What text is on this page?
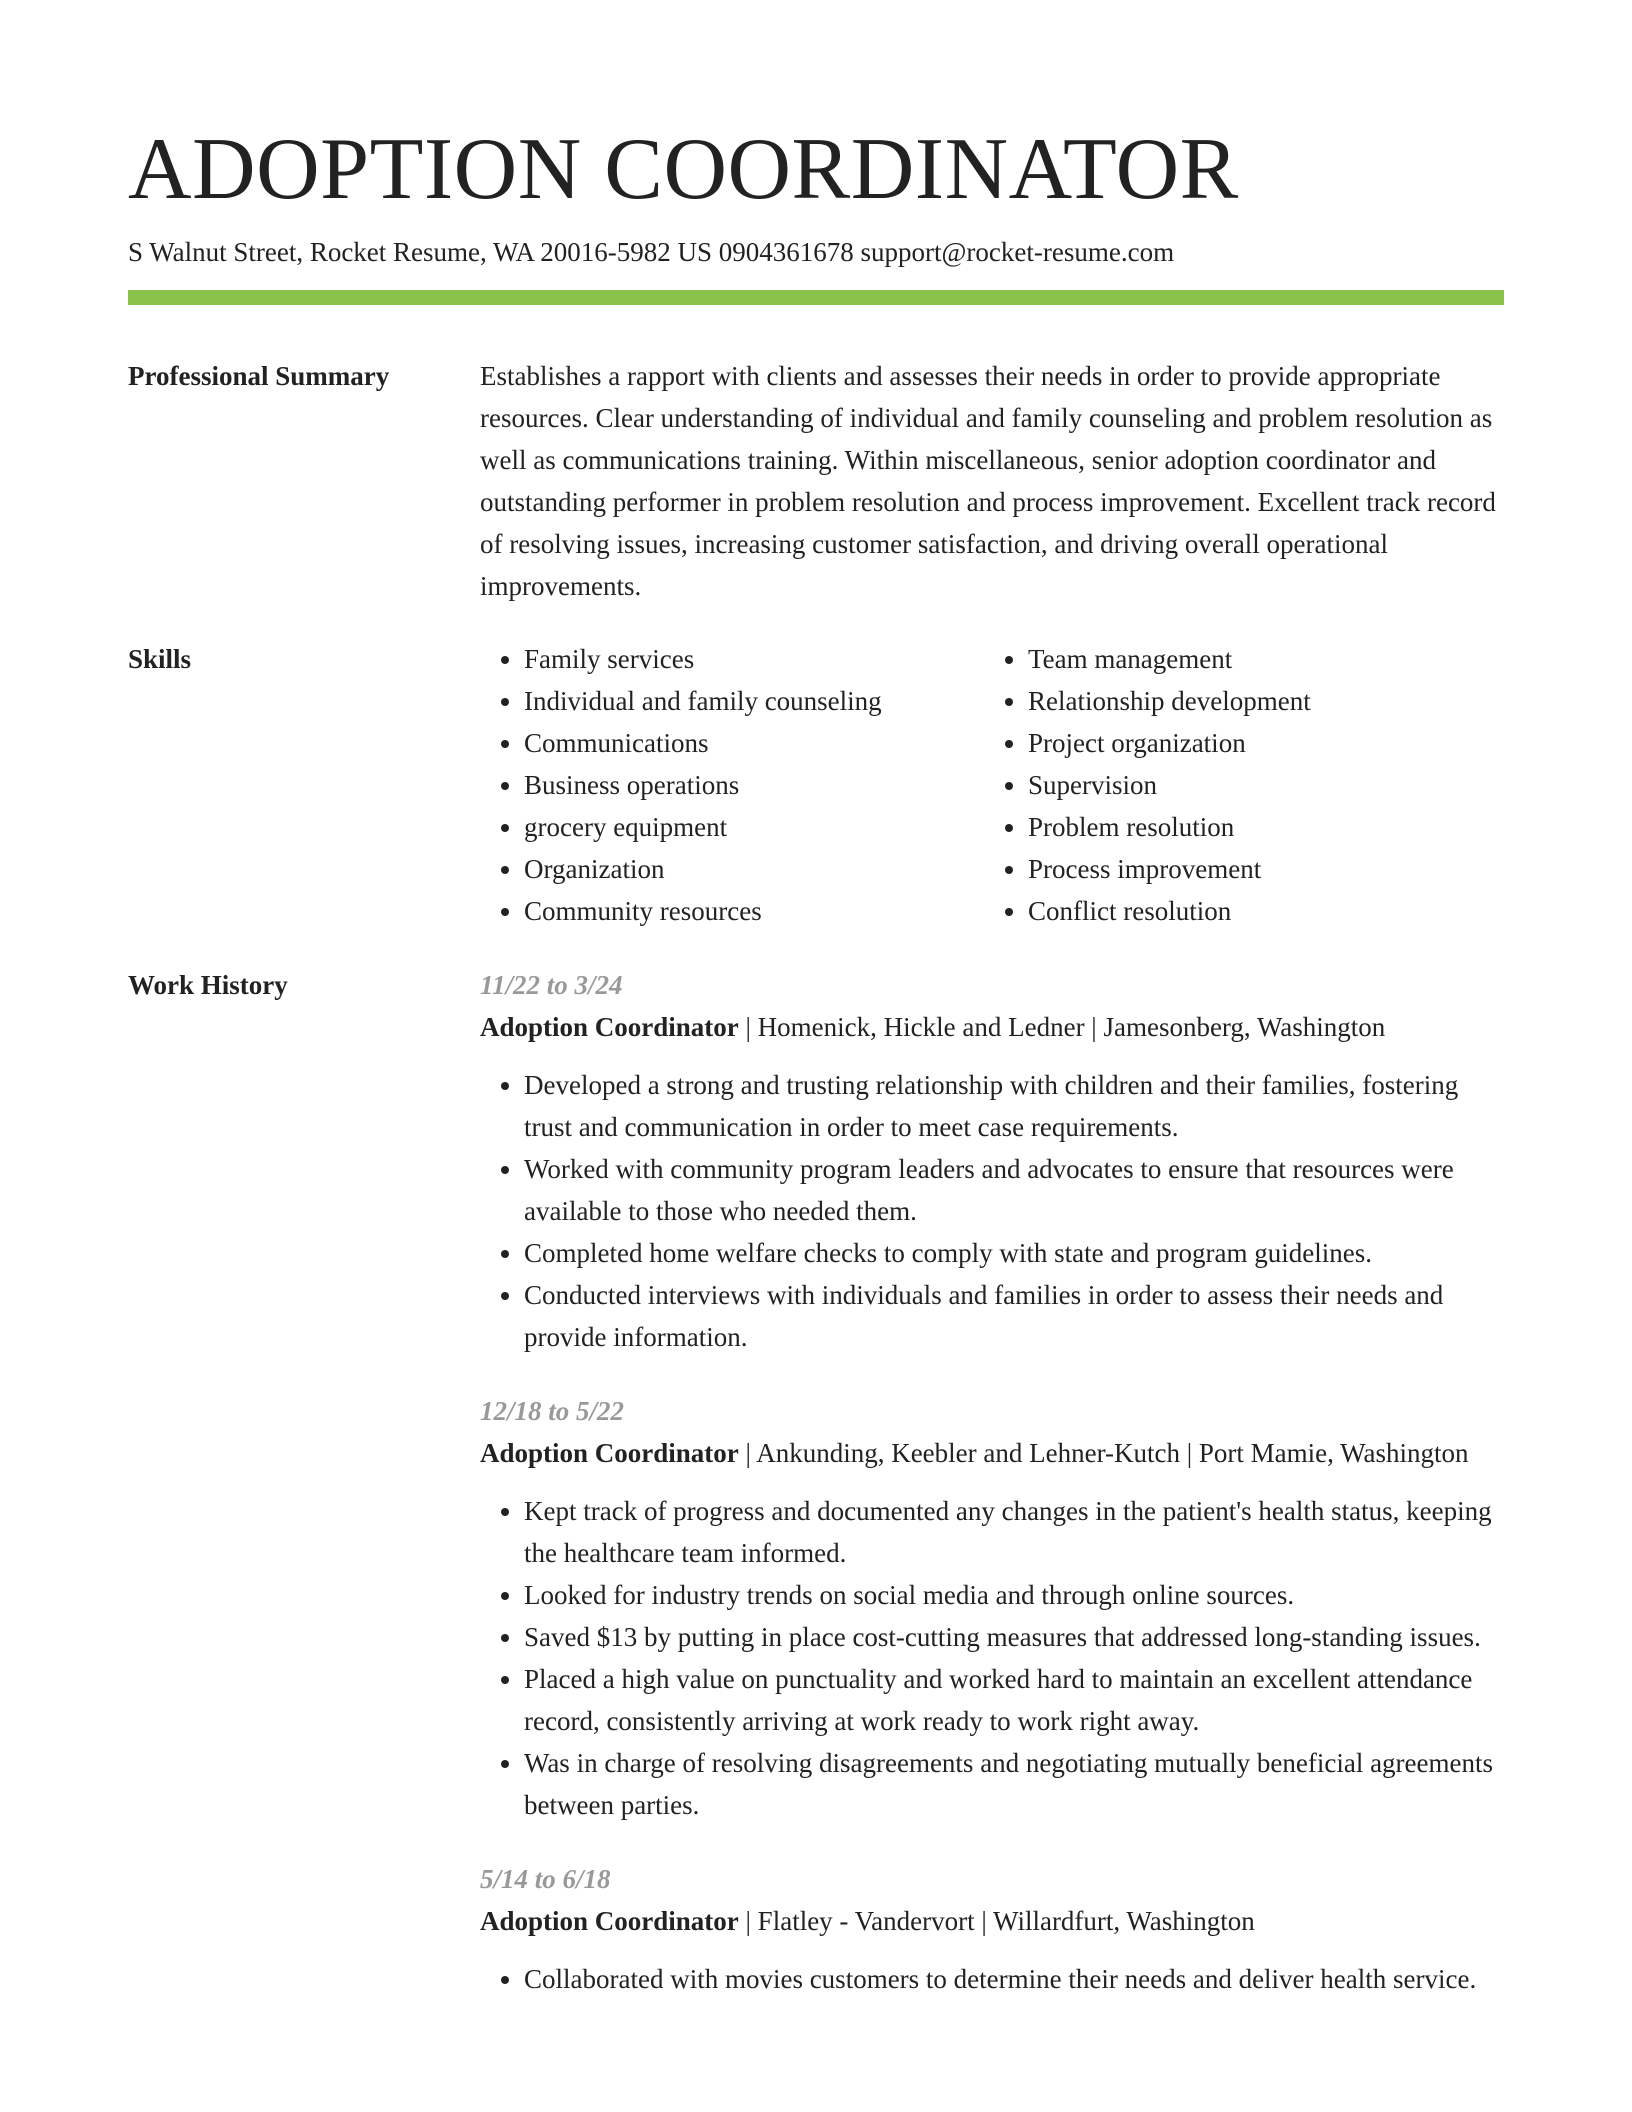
ADOPTION COORDINATOR
S Walnut Street, Rocket Resume, WA 20016-5982 US 0904361678 support@rocket-resume.com
Professional Summary	Establishes a rapport with clients and assesses their needs in order to provide appropriate resources. Clear understanding of individual and family counseling and problem resolution as well as communications training. Within miscellaneous, senior adoption coordinator and outstanding performer in problem resolution and process improvement. Excellent track record of resolving issues, increasing customer satisfaction, and driving overall operational improvements.
Skills
•	Family services
• Individual and family counseling
• Communications
• Business operations
• grocery equipment
• Organization
• Community resources
• Team management
• Relationship development
• Project organization
• Supervision
• Problem resolution
• Process improvement
• Conflict resolution
Work History	11/22 to 3/24
Adoption Coordinator | Homenick, Hickle and Ledner | Jamesonberg, Washington
• Developed a strong and trusting relationship with children and their families, fostering trust and communication in order to meet case requirements.
• Worked with community program leaders and advocates to ensure that resources were available to those who needed them.
• Completed home welfare checks to comply with state and program guidelines.
• Conducted interviews with individuals and families in order to assess their needs and provide information.
12/18 to 5/22
Adoption Coordinator | Ankunding, Keebler and Lehner-Kutch | Port Mamie, Washington
• Kept track of progress and documented any changes in the patient's health status, keeping the healthcare team informed.
• Looked for industry trends on social media and through online sources.
• Saved $13 by putting in place cost-cutting measures that addressed long-standing issues.
• Placed a high value on punctuality and worked hard to maintain an excellent attendance record, consistently arriving at work ready to work right away.
• Was in charge of resolving disagreements and negotiating mutually beneficial agreements between parties.
5/14 to 6/18
Adoption Coordinator | Flatley - Vandervort | Willardfurt, Washington
• Collaborated with movies customers to determine their needs and deliver health service.
